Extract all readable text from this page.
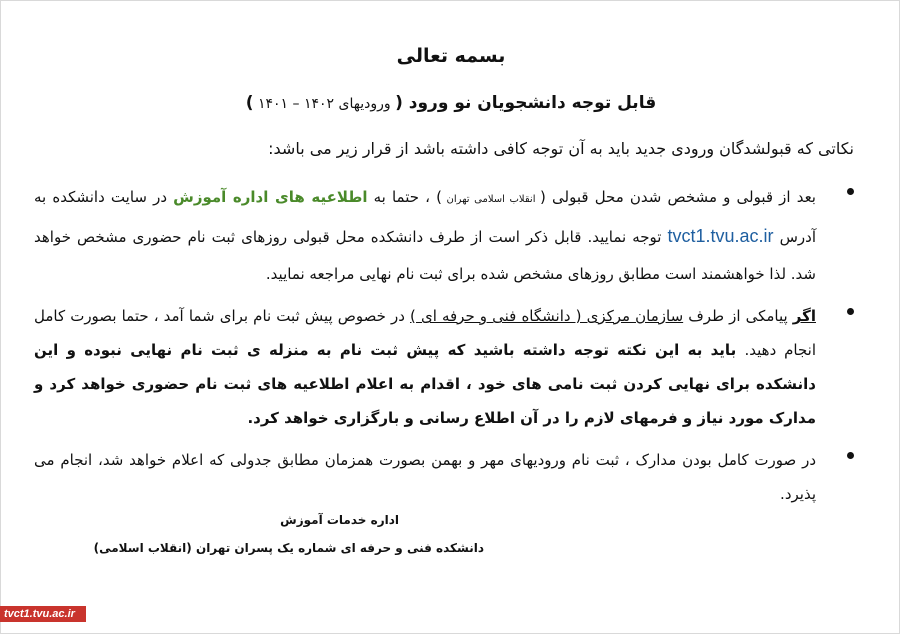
بسمه تعالی
قابل توجه دانشجویان نو ورود ( ورودیهای ۱۴۰۲ – ۱۴۰۱ )
نکاتی که قبولشدگان ورودی جدید باید به آن توجه کافی داشته باشد از قرار زیر می باشد:
بعد از قبولی و مشخص شدن محل قبولی ( انقلاب اسلامی تهران ) ، حتما به اطلاعیه های اداره آموزش در سایت دانشکده به آدرس tvct1.tvu.ac.ir توجه نمایید. قابل ذکر است از طرف دانشکده محل قبولی روزهای ثبت نام حضوری مشخص خواهد شد. لذا خواهشمند است مطابق روزهای مشخص شده برای ثبت نام نهایی مراجعه نمایید.
اگر پیامکی از طرف سازمان مرکزی ( دانشگاه فنی و حرفه ای ) در خصوص پیش ثبت نام برای شما آمد ، حتما بصورت کامل انجام دهید. باید به این نکته توجه داشته باشید که پیش ثبت نام به منزله ی ثبت نام نهایی نبوده و این دانشکده برای نهایی کردن ثبت نامی های خود ، اقدام به اعلام اطلاعیه های ثبت نام حضوری خواهد کرد و مدارک مورد نیاز و فرمهای لازم را در آن اطلاع رسانی و بارگزاری خواهد کرد.
در صورت کامل بودن مدارک ، ثبت نام ورودیهای مهر و بهمن بصورت همزمان مطابق جدولی که اعلام خواهد شد، انجام می پذیرد.
اداره خدمات آموزش
دانشکده فنی و حرفه ای شماره یک پسران تهران (انقلاب اسلامی)
tvct1.tvu.ac.ir
